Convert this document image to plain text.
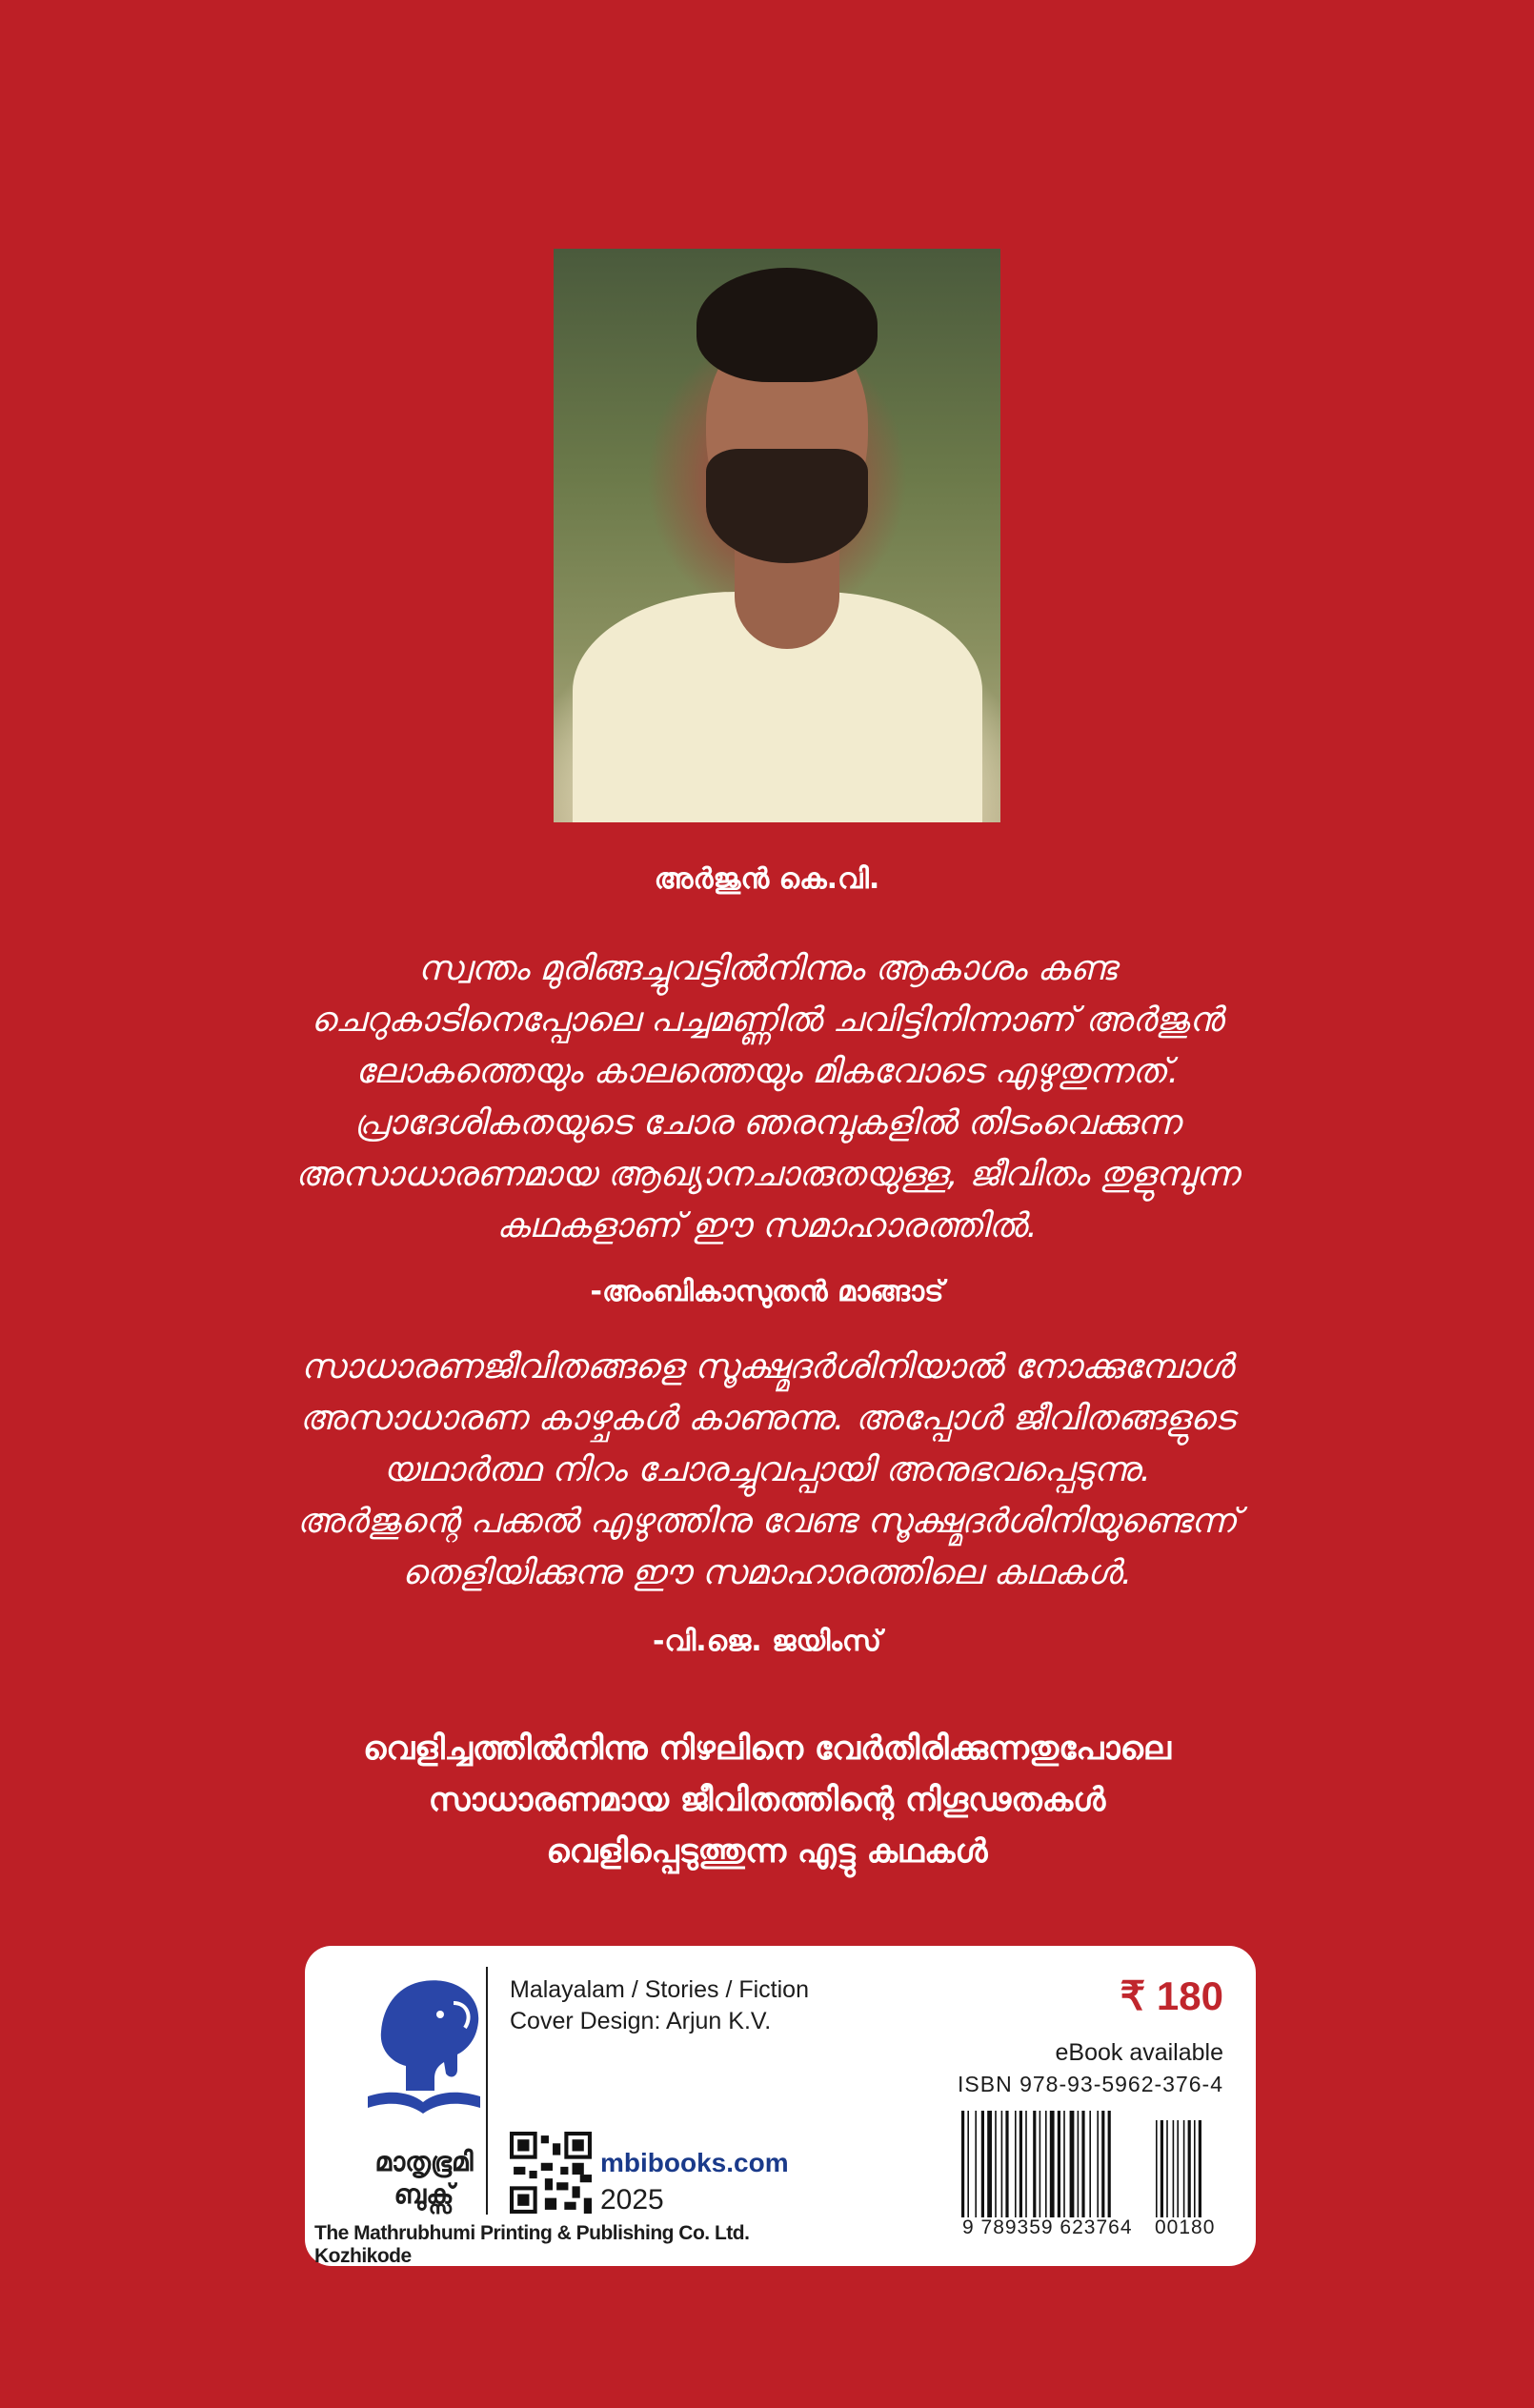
അർജുൻ കെ.വി.
സ്വന്തം മുരിങ്ങച്ചുവട്ടിൽനിന്നും ആകാശം കണ്ട
ചെറുകാടിനെപ്പോലെ പച്ചമണ്ണിൽ ചവിട്ടിനിന്നാണ് അർജുൻ
ലോകത്തെയും കാലത്തെയും മികവോടെ എഴുതുന്നത്.
പ്രാദേശികതയുടെ ചോര ഞരമ്പുകളിൽ തിടംവെക്കുന്ന
അസാധാരണമായ ആഖ്യാനചാരുതയുള്ള, ജീവിതം തുളുമ്പുന്ന
കഥകളാണ് ഈ സമാഹാരത്തിൽ.
-അംബികാസുതൻ മാങ്ങാട്
സാധാരണജീവിതങ്ങളെ സൂക്ഷ്മദർശിനിയാൽ നോക്കുമ്പോൾ
അസാധാരണ കാഴ്ചകൾ കാണുന്നു. അപ്പോൾ ജീവിതങ്ങളുടെ
യഥാർത്ഥ നിറം ചോരച്ചുവപ്പായി അനുഭവപ്പെടുന്നു.
അർജുന്റെ പക്കൽ എഴുത്തിനു വേണ്ട സൂക്ഷ്മദർശിനിയുണ്ടെന്ന്
തെളിയിക്കുന്നു ഈ സമാഹാരത്തിലെ കഥകൾ.
-വി.ജെ. ജയിംസ്
വെളിച്ചത്തിൽനിന്നു നിഴലിനെ വേർതിരിക്കുന്നതുപോലെ
സാധാരണമായ ജീവിതത്തിന്റെ നിഗൂഢതകൾ
വെളിപ്പെടുത്തുന്ന എട്ടു കഥകൾ
മാതൃഭൂമി
ബുക്സ്
The Mathrubhumi Printing & Publishing Co. Ltd. Kozhikode
Malayalam / Stories / Fiction
Cover Design: Arjun K.V.
mbibooks.com
2025
₹ 180
eBook available
ISBN 978-93-5962-376-4
9 789359 623764 00180
